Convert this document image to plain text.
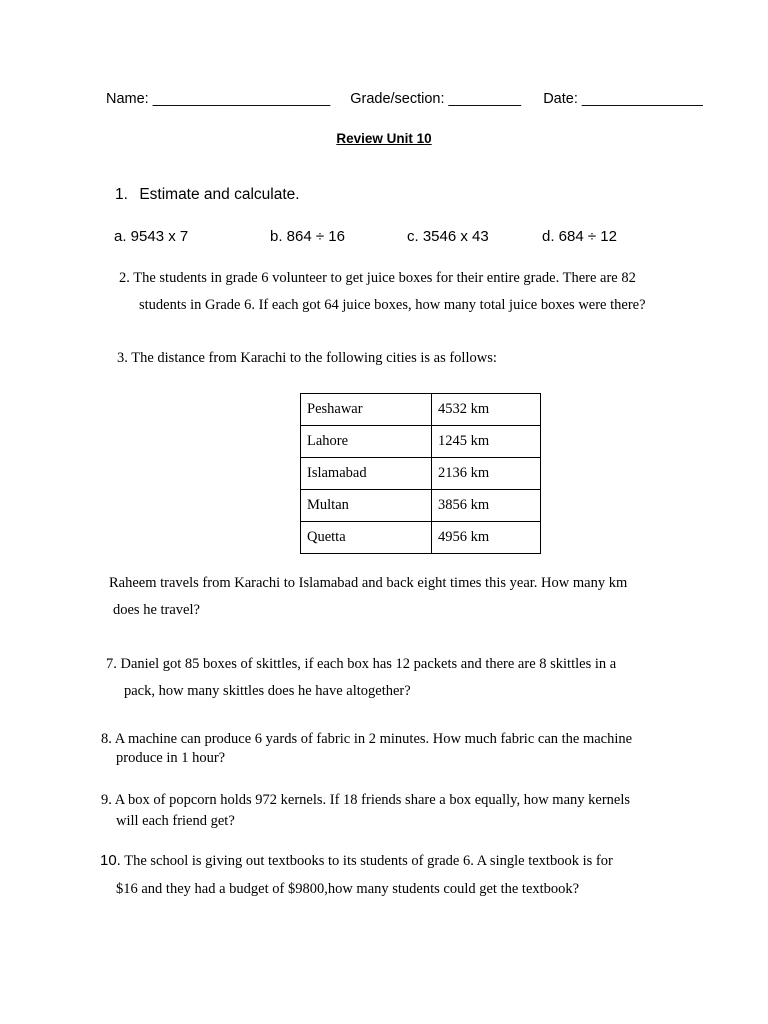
Name: ______________________ Grade/section: _________ Date: _______________
Review Unit 10
1. Estimate and calculate.
a. 9543 x 7	b. 864 ÷ 16	c. 3546 x 43	d. 684 ÷ 12
2. The students in grade 6 volunteer to get juice boxes for their entire grade. There are 82
students in Grade 6. If each got 64 juice boxes, how many total juice boxes were there?
3. The distance from Karachi to the following cities is as follows:
Peshawar	4532 km
Lahore	1245 km
Islamabad	2136 km
Multan	3856 km
Quetta	4956 km
Raheem travels from Karachi to Islamabad and back eight times this year. How many km
does he travel?
7. Daniel got 85 boxes of skittles, if each box has 12 packets and there are 8 skittles in a
pack, how many skittles does he have altogether?
8. A machine can produce 6 yards of fabric in 2 minutes. How much fabric can the machine
produce in 1 hour?
9. A box of popcorn holds 972 kernels. If 18 friends share a box equally, how many kernels
will each friend get?
10. The school is giving out textbooks to its students of grade 6. A single textbook is for
$16 and they had a budget of $9800,how many students could get the textbook?
